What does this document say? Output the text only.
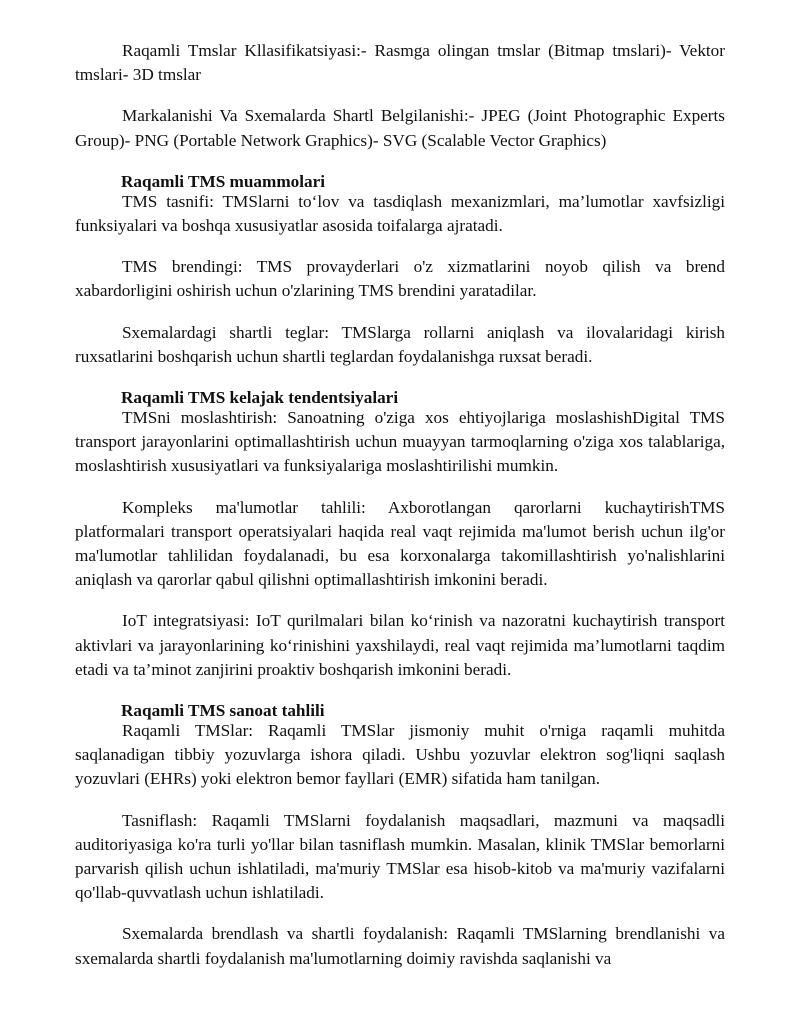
Raqamli Tmslar Kllasifikatsiyasi:- Rasmga olingan tmslar (Bitmap tmslari)- Vektor tmslari- 3D tmslar

Markalanishi Va Sxemalarda Shartl Belgilanishi:- JPEG (Joint Photographic Experts Group)- PNG (Portable Network Graphics)- SVG (Scalable Vector Graphics)

Raqamli TMS muammolari

TMS tasnifi: TMSlarni to‘lov va tasdiqlash mexanizmlari, ma’lumotlar xavfsizligi funksiyalari va boshqa xususiyatlar asosida toifalarga ajratadi.

TMS brendingi: TMS provayderlari o'z xizmatlarini noyob qilish va brend xabardorligini oshirish uchun o'zlarining TMS brendini yaratadilar.

Sxemalardagi shartli teglar: TMSlarga rollarni aniqlash va ilovalaridagi kirish ruxsatlarini boshqarish uchun shartli teglardan foydalanishga ruxsat beradi.

Raqamli TMS kelajak tendentsiyalari

TMSni moslashtirish: Sanoatning o'ziga xos ehtiyojlariga moslashishDigital TMS transport jarayonlarini optimallashtirish uchun muayyan tarmoqlarning o'ziga xos talablariga, moslashtirish xususiyatlari va funksiyalariga moslashtirilishi mumkin.

Kompleks ma'lumotlar tahlili: Axborotlangan qarorlarni kuchaytirishTMS platformalari transport operatsiyalari haqida real vaqt rejimida ma'lumot berish uchun ilg'or ma'lumotlar tahlilidan foydalanadi, bu esa korxonalarga takomillashtirish yo'nalishlarini aniqlash va qarorlar qabul qilishni optimallashtirish imkonini beradi.

IoT integratsiyasi: IoT qurilmalari bilan ko‘rinish va nazoratni kuchaytirish transport aktivlari va jarayonlarining ko‘rinishini yaxshilaydi, real vaqt rejimida ma’lumotlarni taqdim etadi va ta’minot zanjirini proaktiv boshqarish imkonini beradi.

Raqamli TMS sanoat tahlili

Raqamli TMSlar: Raqamli TMSlar jismoniy muhit o'rniga raqamli muhitda saqlanadigan tibbiy yozuvlarga ishora qiladi. Ushbu yozuvlar elektron sog'liqni saqlash yozuvlari (EHRs) yoki elektron bemor fayllari (EMR) sifatida ham tanilgan.

Tasniflash: Raqamli TMSlarni foydalanish maqsadlari, mazmuni va maqsadli auditoriyasiga ko'ra turli yo'llar bilan tasniflash mumkin. Masalan, klinik TMSlar bemorlarni parvarish qilish uchun ishlatiladi, ma'muriy TMSlar esa hisob-kitob va ma'muriy vazifalarni qo'llab-quvvatlash uchun ishlatiladi.

Sxemalarda brendlash va shartli foydalanish: Raqamli TMSlarning brendlanishi va sxemalarda shartli foydalanish ma'lumotlarning doimiy ravishda saqlanishi va
